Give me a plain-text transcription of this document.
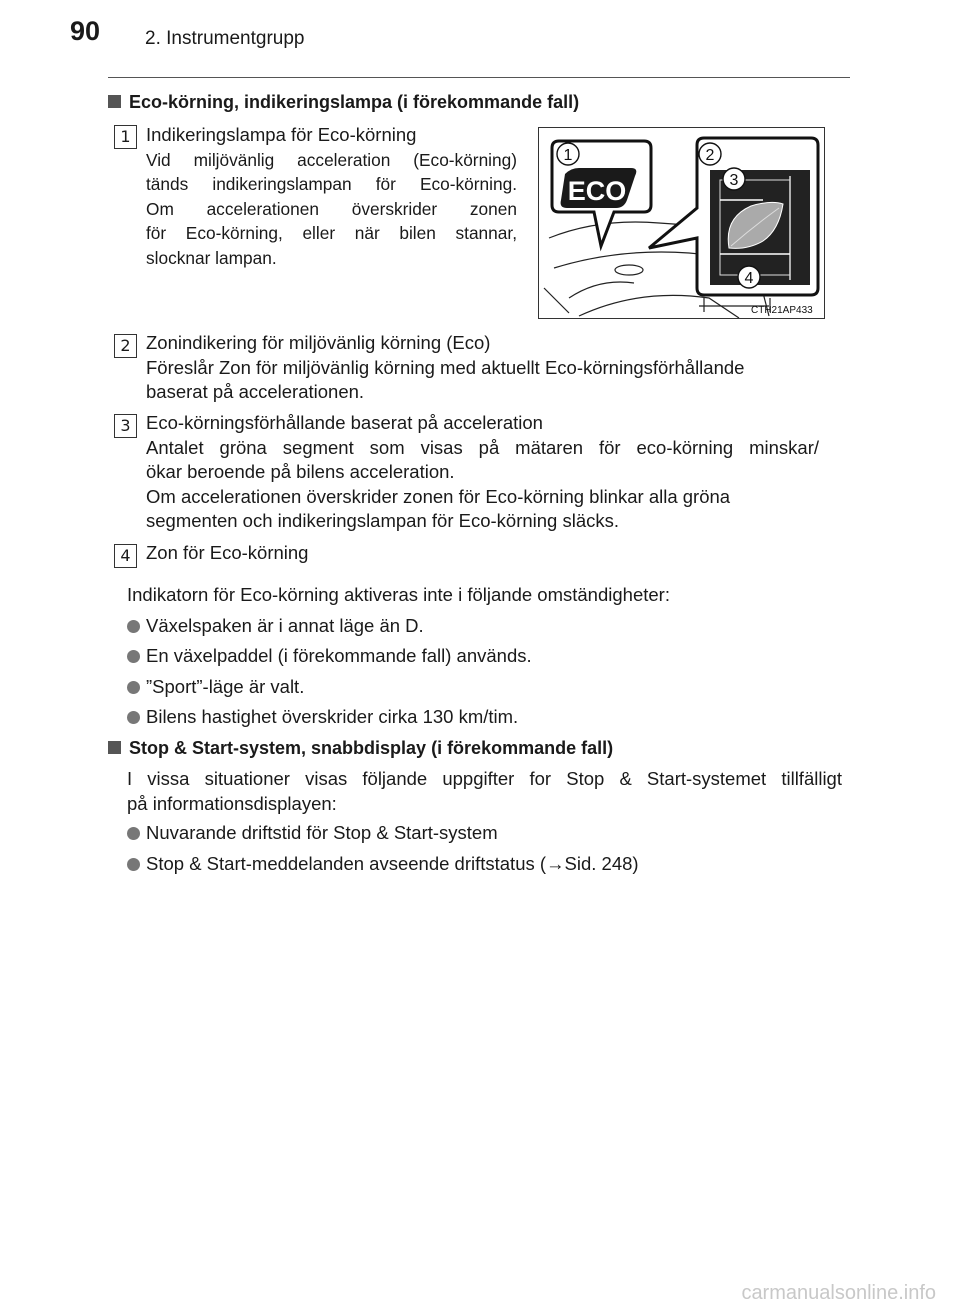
90 2. Instrumentgrupp
Eco-körning, indikeringslampa (i förekommande fall)
1 Indikeringslampa för Eco-körning
Vid miljövänlig acceleration (Eco-körning)
tänds indikeringslampan för Eco-körning.
Om accelerationen överskrider zonen
för Eco-körning, eller när bilen stannar,
slocknar lampan.
ECO
1	2
3
4
CTH21AP433
2 Zonindikering för miljövänlig körning (Eco)
Föreslår Zon för miljövänlig körning med aktuellt Eco-körningsförhållande
baserat på accelerationen.
3 Eco-körningsförhållande baserat på acceleration
Antalet gröna segment som visas på mätaren för eco-körning minskar/
ökar beroende på bilens acceleration.
Om accelerationen överskrider zonen för Eco-körning blinkar alla gröna
segmenten och indikeringslampan för Eco-körning släcks.
4 Zon för Eco-körning
Indikatorn för Eco-körning aktiveras inte i följande omständigheter:
Växelspaken är i annat läge än D.
En växelpaddel (i förekommande fall) används.
”Sport”-läge är valt.
Bilens hastighet överskrider cirka 130 km/tim.
Stop & Start-system, snabbdisplay (i förekommande fall)
I vissa situationer visas följande uppgifter for Stop & Start-systemet tillfälligt
på informationsdisplayen:
Nuvarande driftstid för Stop & Start-system
Stop & Start-meddelanden avseende driftstatus (→Sid. 248)
carmanualsonline.info
